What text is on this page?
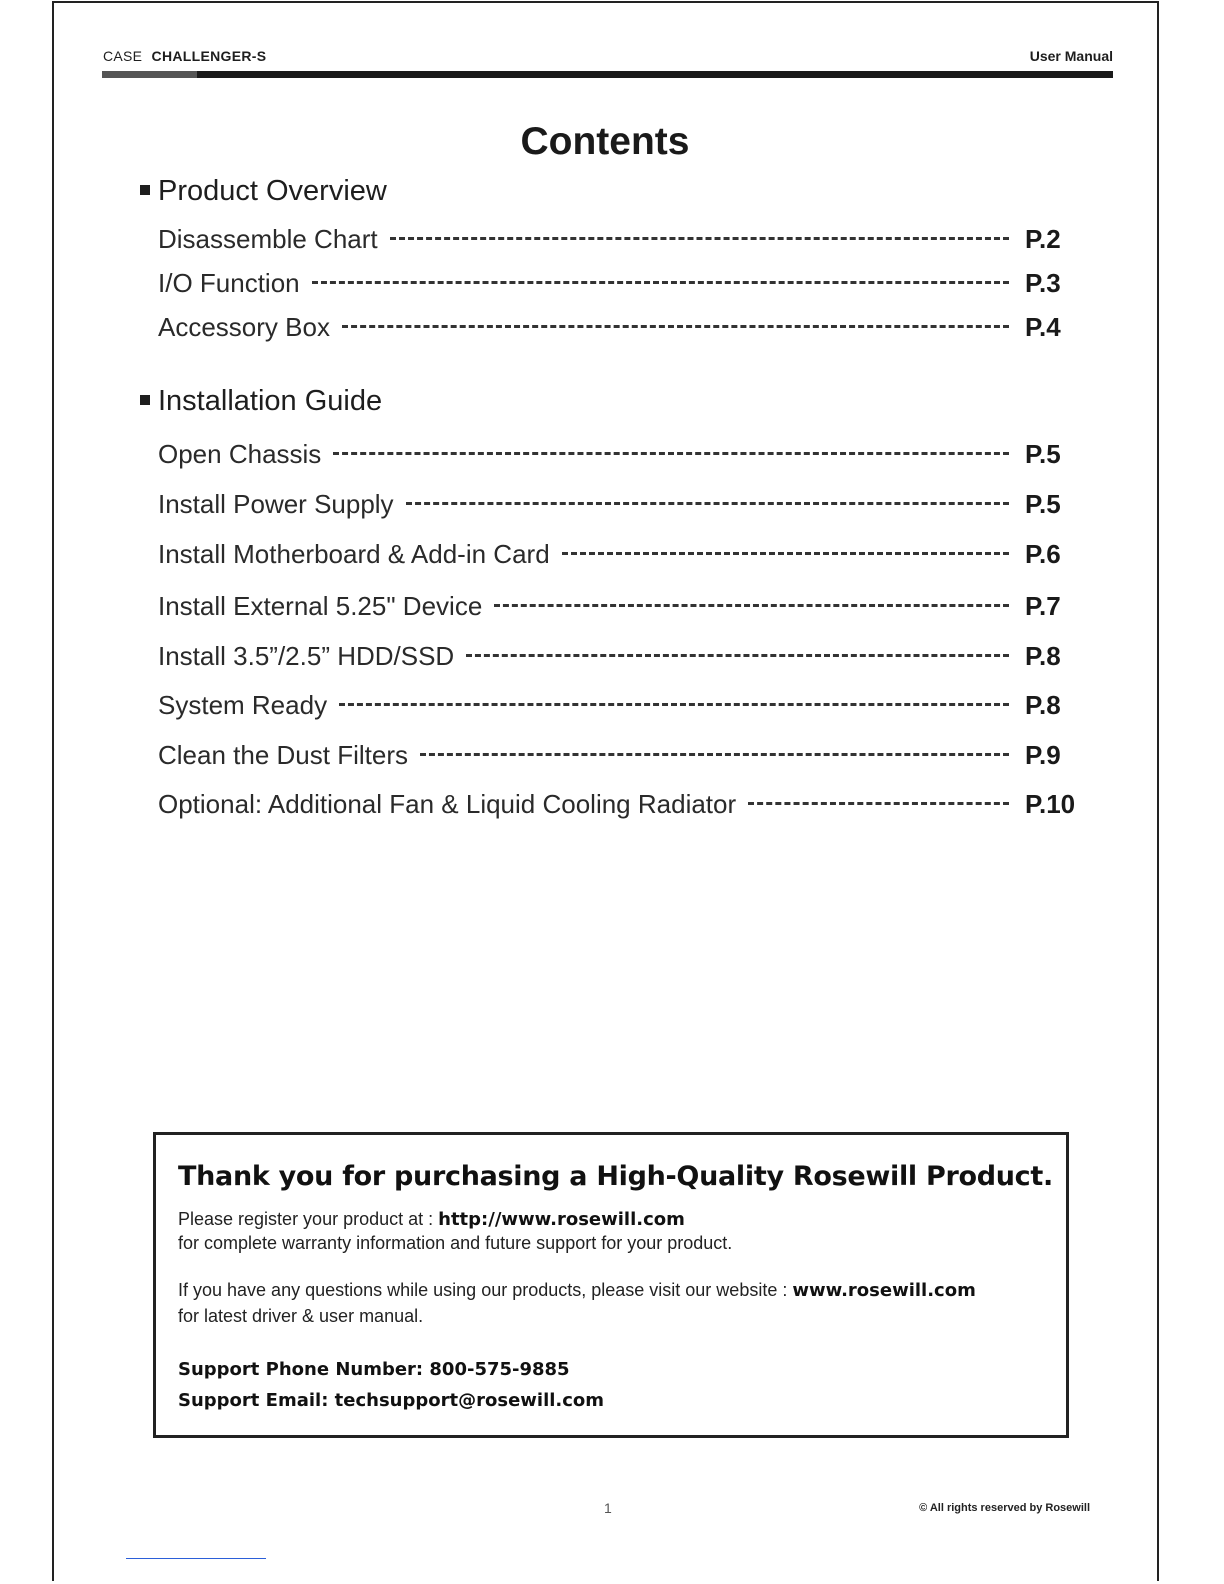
CASE CHALLENGER-S	User Manual
Contents
Product Overview
Disassemble Chart	P.2
I/O Function	P.3
Accessory Box	P.4
Installation Guide
Open Chassis	P.5
Install Power Supply	P.5
Install Motherboard & Add-in Card	P.6
Install External 5.25" Device	P.7
Install 3.5”/2.5” HDD/SSD	P.8
System Ready	P.8
Clean the Dust Filters	P.9
Optional: Additional Fan & Liquid Cooling Radiator	P.10
Thank you for purchasing a High-Quality Rosewill Product.
Please register your product at : http://www.rosewill.com
for complete warranty information and future support for your product.
If you have any questions while using our products, please visit our website : www.rosewill.com
for latest driver & user manual.
Support Phone Number: 800-575-9885
Support Email: techsupport@rosewill.com
1	© All rights reserved by Rosewill
